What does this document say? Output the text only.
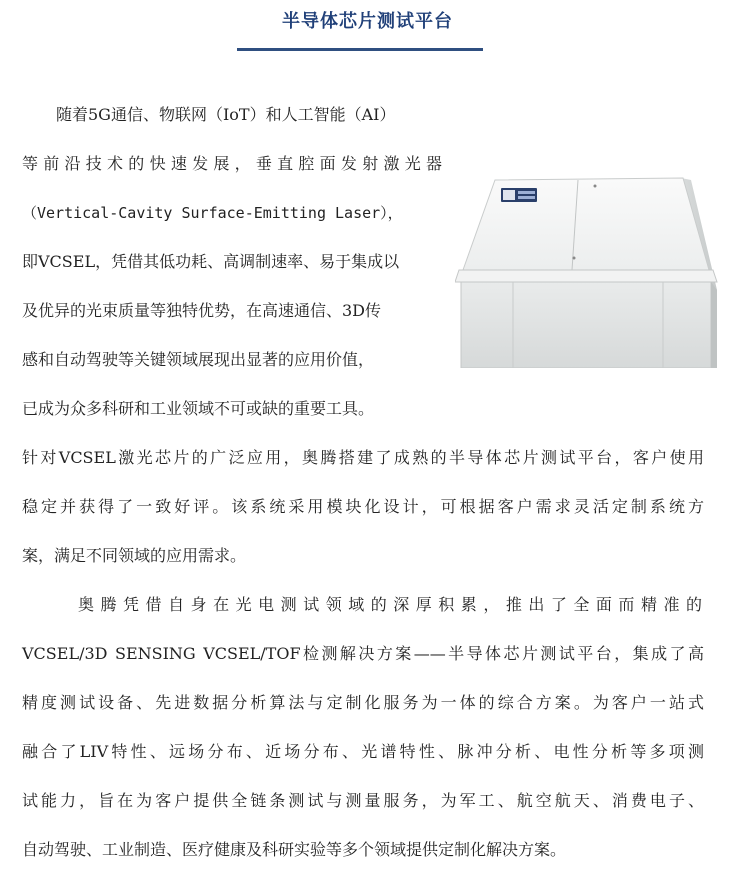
半导体芯片测试平台
随着5G通信、物联网（IoT）和人工智能（AI）
等前沿技术的快速发展，垂直腔面发射激光器
（Vertical-Cavity Surface-Emitting Laser），
即VCSEL，凭借其低功耗、高调制速率、易于集成以
及优异的光束质量等独特优势，在高速通信、3D传
感和自动驾驶等关键领域展现出显著的应用价值，
已成为众多科研和工业领域不可或缺的重要工具。
针对VCSEL激光芯片的广泛应用，奥腾搭建了成熟的半导体芯片测试平台，客户使用
稳定并获得了一致好评。该系统采用模块化设计，可根据客户需求灵活定制系统方
案，满足不同领域的应用需求。
奥腾凭借自身在光电测试领域的深厚积累，推出了全面而精准的
VCSEL/3D SENSING VCSEL/TOF检测解决方案——半导体芯片测试平台，集成了高
精度测试设备、先进数据分析算法与定制化服务为一体的综合方案。为客户一站式
融合了LIV特性、远场分布、近场分布、光谱特性、脉冲分析、电性分析等多项测
试能力，旨在为客户提供全链条测试与测量服务，为军工、航空航天、消费电子、
自动驾驶、工业制造、医疗健康及科研实验等多个领域提供定制化解决方案。
